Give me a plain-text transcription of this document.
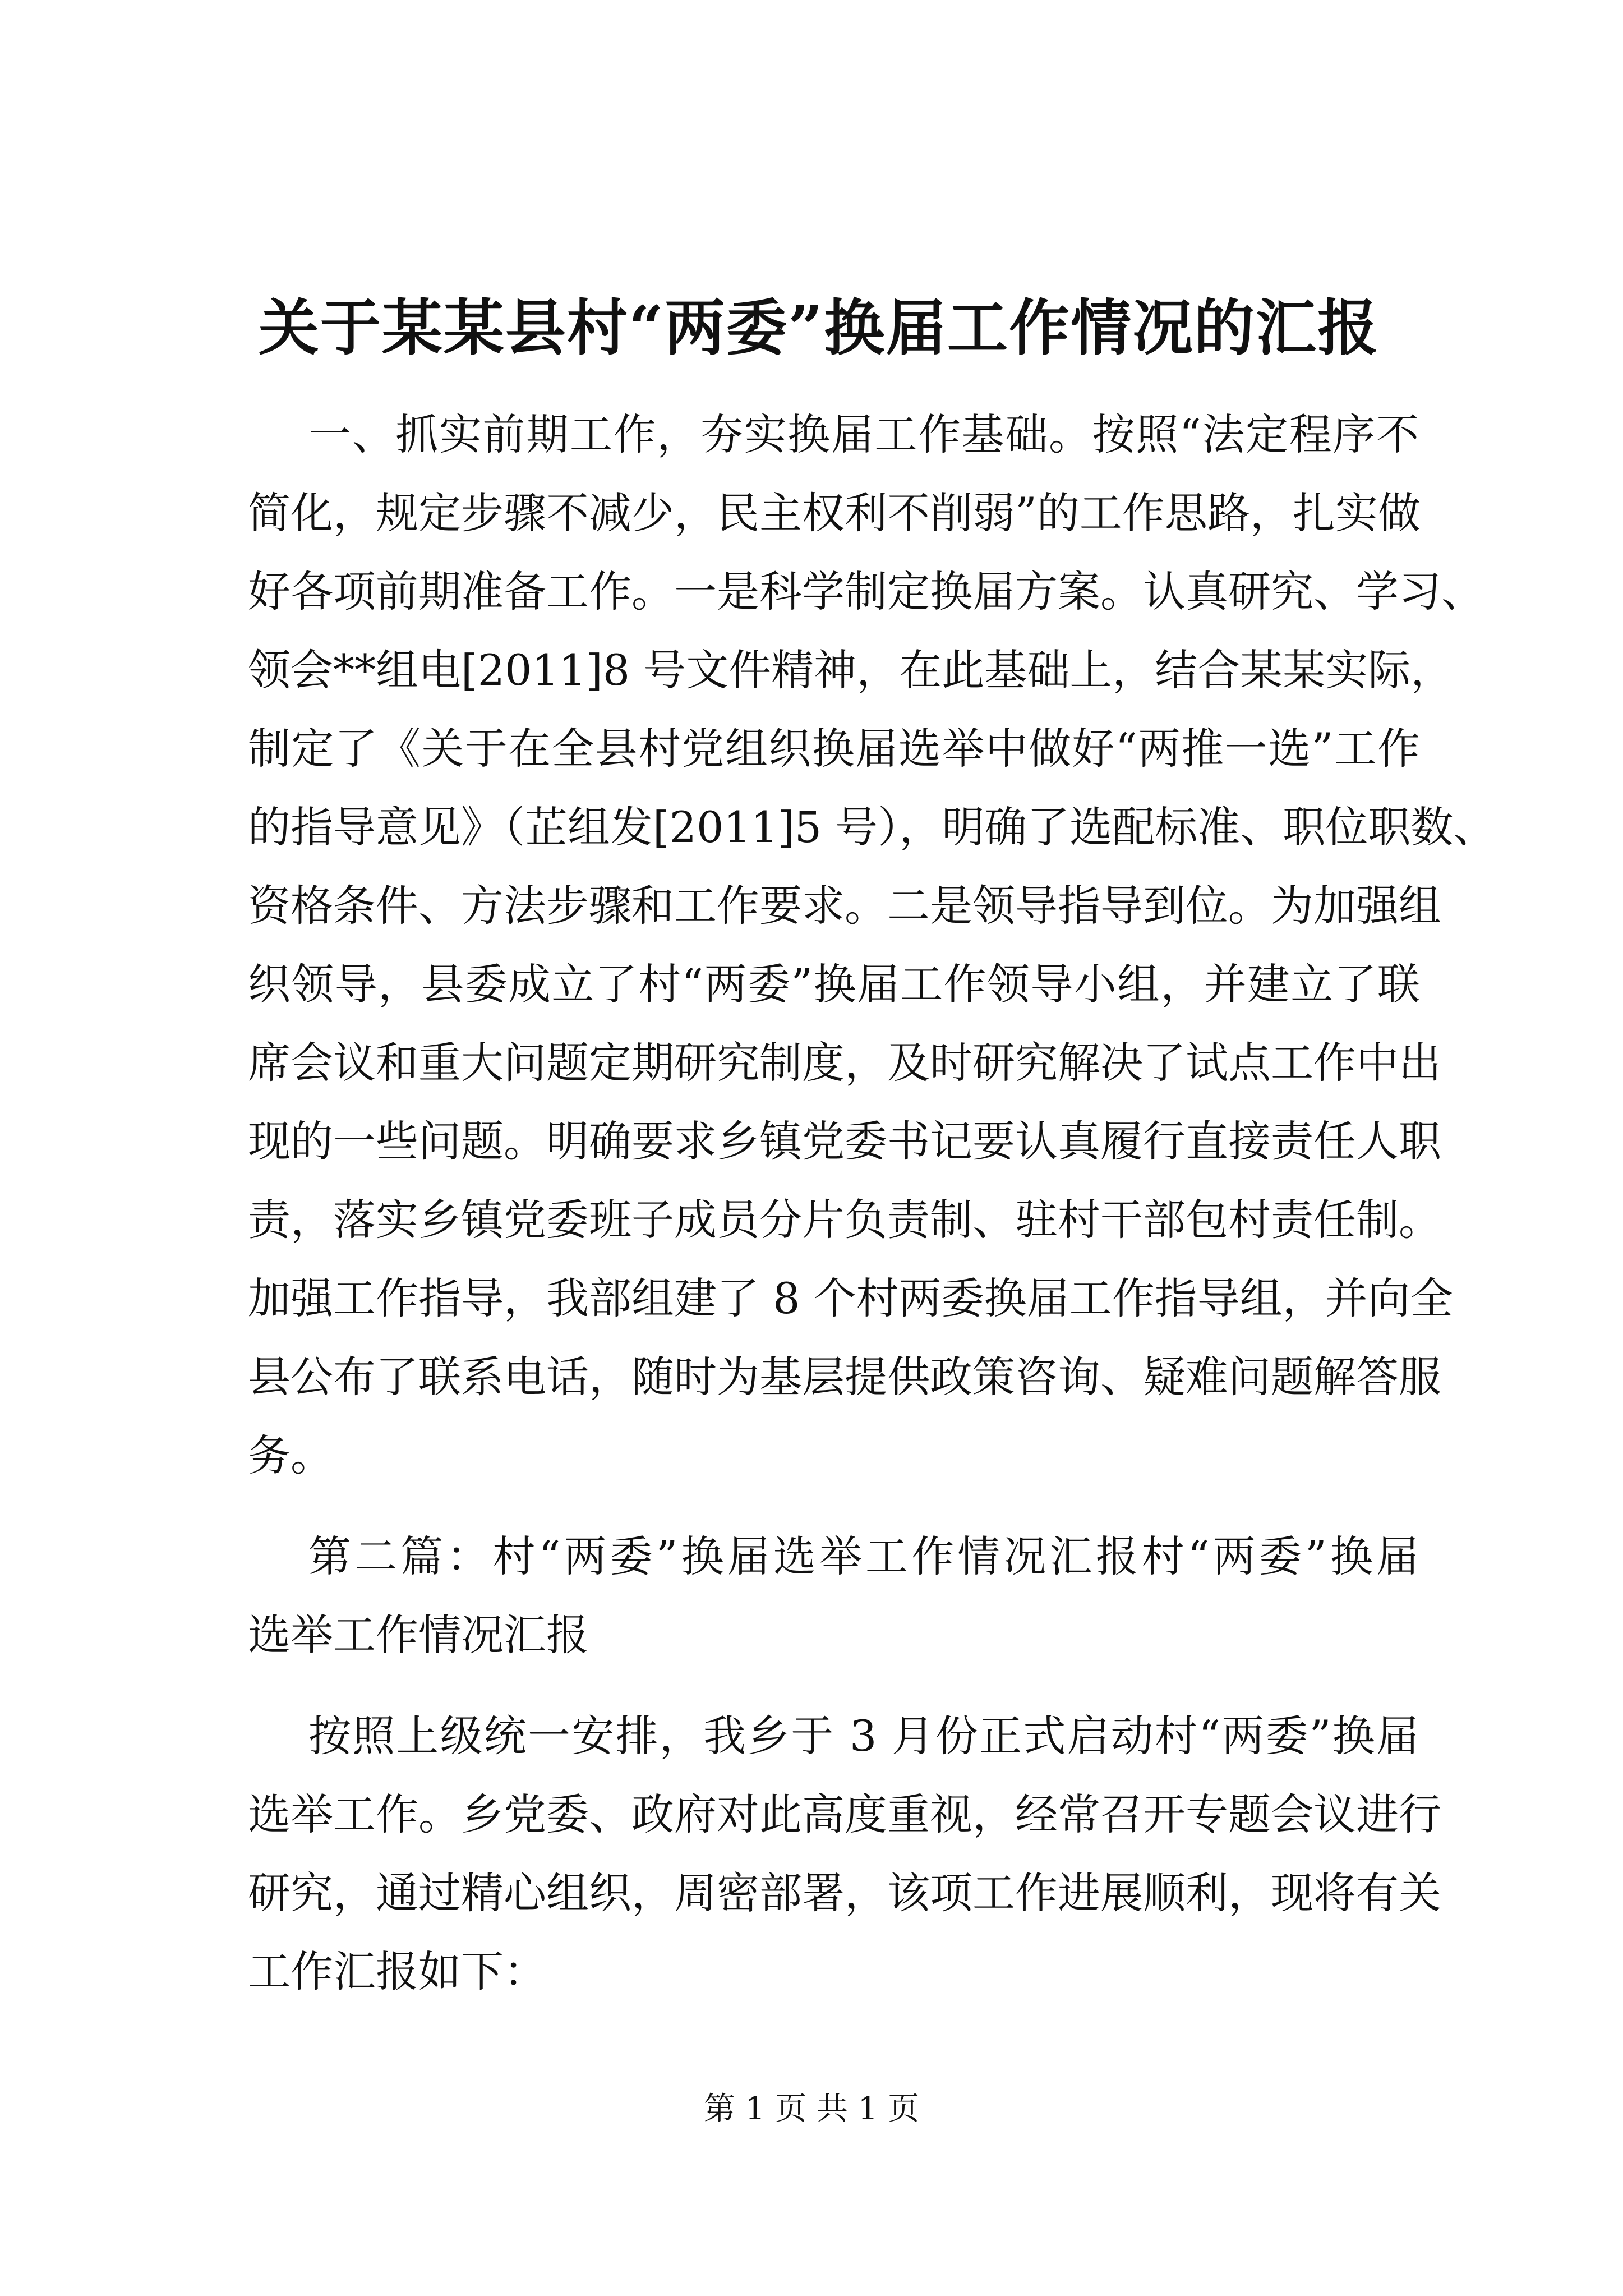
关于某某县村“两委”换届工作情况的汇报
一、抓实前期工作，夯实换届工作基础。按照“法定程序不
简化，规定步骤不减少，民主权利不削弱”的工作思路，扎实做
好各项前期准备工作。一是科学制定换届方案。认真研究、学习、
领会**组电[2011]8 号文件精神，在此基础上，结合某某实际，
制定了《关于在全县村党组织换届选举中做好“两推一选”工作
的指导意见》（芷组发[2011]5 号），明确了选配标准、职位职数、
资格条件、方法步骤和工作要求。二是领导指导到位。为加强组
织领导，县委成立了村“两委”换届工作领导小组，并建立了联
席会议和重大问题定期研究制度，及时研究解决了试点工作中出
现的一些问题。明确要求乡镇党委书记要认真履行直接责任人职
责，落实乡镇党委班子成员分片负责制、驻村干部包村责任制。
加强工作指导，我部组建了 8 个村两委换届工作指导组，并向全
县公布了联系电话，随时为基层提供政策咨询、疑难问题解答服
务。
第二篇：村“两委”换届选举工作情况汇报村“两委”换届
选举工作情况汇报
按照上级统一安排，我乡于 3 月份正式启动村“两委”换届
选举工作。乡党委、政府对此高度重视，经常召开专题会议进行
研究，通过精心组织，周密部署，该项工作进展顺利，现将有关
工作汇报如下：
第 1 页 共 1 页
